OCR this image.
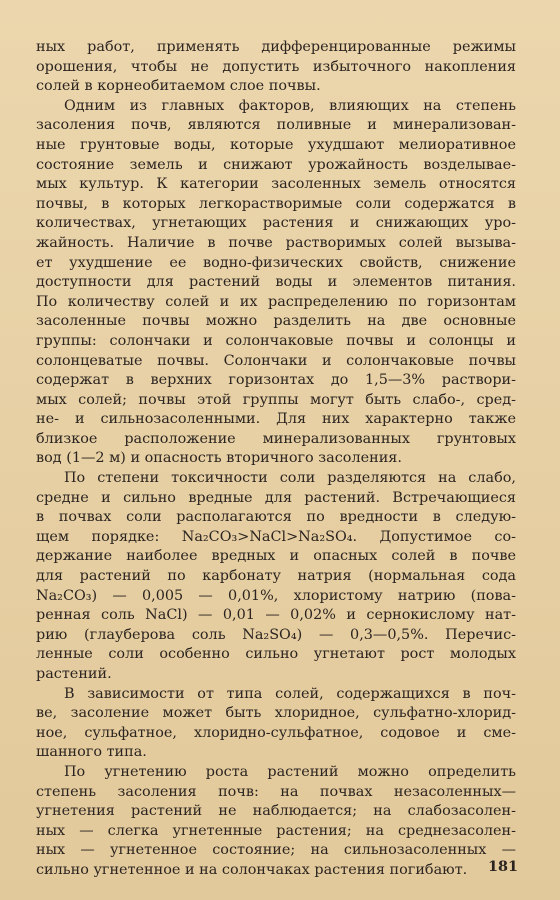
ных работ, применять дифференцированные режимы
орошения, чтобы не допустить избыточного накопления
солей в корнеобитаемом слое почвы.
Одним из главных факторов, влияющих на степень
засоления почв, являются поливные и минерализован-
ные грунтовые воды, которые ухудшают мелиоративное
состояние земель и снижают урожайность возделывае-
мых культур. К категории засоленных земель относятся
почвы, в которых легкорастворимые соли содержатся в
количествах, угнетающих растения и снижающих уро-
жайность. Наличие в почве растворимых солей вызыва-
ет ухудшение ее водно-физических свойств, снижение
доступности для растений воды и элементов питания.
По количеству солей и их распределению по горизонтам
засоленные почвы можно разделить на две основные
группы: солончаки и солончаковые почвы и солонцы и
солонцеватые почвы. Солончаки и солончаковые почвы
содержат в верхних горизонтах до 1,5—3% раствори-
мых солей; почвы этой группы могут быть слабо-, сред-
не- и сильнозасоленными. Для них характерно также
близкое расположение минерализованных грунтовых
вод (1—2 м) и опасность вторичного засоления.
По степени токсичности соли разделяются на слабо,
средне и сильно вредные для растений. Встречающиеся
в почвах соли располагаются по вредности в следую-
щем порядке: Na₂CO₃>NaCl>Na₂SO₄. Допустимое со-
держание наиболее вредных и опасных солей в почве
для растений по карбонату натрия (нормальная сода
Na₂CO₃) — 0,005 — 0,01%, хлористому натрию (пова-
ренная соль NaCl) — 0,01 — 0,02% и сернокислому нат-
рию (глауберова соль Na₂SO₄) — 0,3—0,5%. Перечис-
ленные соли особенно сильно угнетают рост молодых
растений.
В зависимости от типа солей, содержащихся в поч-
ве, засоление может быть хлоридное, сульфатно-хлорид-
ное, сульфатное, хлоридно-сульфатное, содовое и сме-
шанного типа.
По угнетению роста растений можно определить
степень засоления почв: на почвах незасоленных—
угнетения растений не наблюдается; на слабозасолен-
ных — слегка угнетенные растения; на среднезасолен-
ных — угнетенное состояние; на сильнозасоленных —
сильно угнетенное и на солончаках растения погибают.	181
